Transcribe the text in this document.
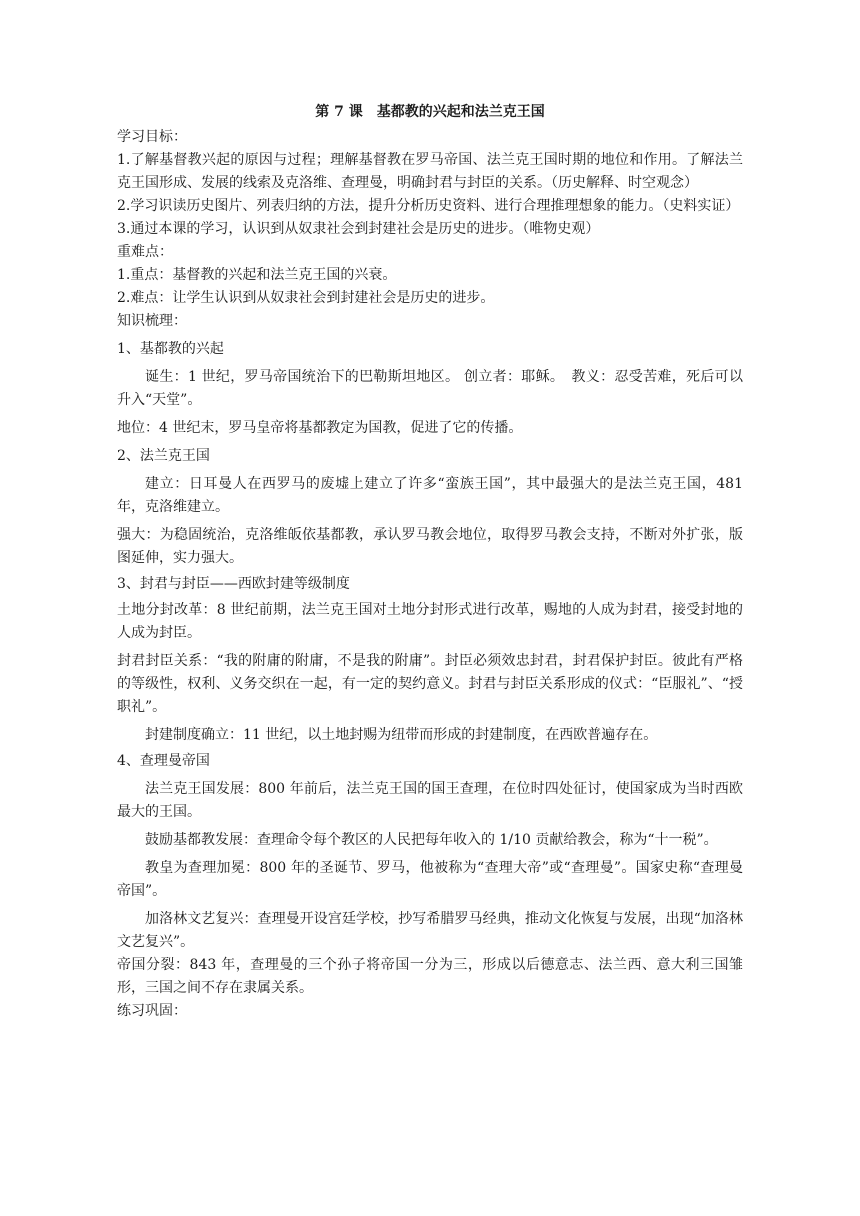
第 7 课　基都教的兴起和法兰克王国

学习目标：

1.了解基督教兴起的原因与过程；理解基督教在罗马帝国、法兰克王国时期的地位和作用。了解法兰克王国形成、发展的线索及克洛维、查理曼，明确封君与封臣的关系。（历史解释、时空观念）

2.学习识读历史图片、列表归纳的方法，提升分析历史资料、进行合理推理想象的能力。（史料实证）

3.通过本课的学习，认识到从奴隶社会到封建社会是历史的进步。（唯物史观）

重难点：

1.重点：基督教的兴起和法兰克王国的兴衰。

2.难点：让学生认识到从奴隶社会到封建社会是历史的进步。

知识梳理：

1、基都教的兴起

诞生：1 世纪，罗马帝国统治下的巴勒斯坦地区。 创立者：耶稣。　教义：忍受苦难，死后可以升入“天堂”。

地位：4 世纪末，罗马皇帝将基都教定为国教，促进了它的传播。

2、法兰克王国

建立：日耳曼人在西罗马的废墟上建立了许多“蛮族王国”，其中最强大的是法兰克王国，481 年，克洛维建立。

强大：为稳固统治，克洛维皈依基都教，承认罗马教会地位，取得罗马教会支持，不断对外扩张，版图延伸，实力强大。

3、封君与封臣——西欧封建等级制度

土地分封改革：8 世纪前期，法兰克王国对土地分封形式进行改革，赐地的人成为封君，接受封地的人成为封臣。

封君封臣关系：“我的附庸的附庸，不是我的附庸”。封臣必须效忠封君，封君保护封臣。彼此有严格的等级性，权利、义务交织在一起，有一定的契约意义。封君与封臣关系形成的仪式：“臣服礼”、“授职礼”。

封建制度确立：11 世纪，以土地封赐为纽带而形成的封建制度，在西欧普遍存在。

4、查理曼帝国

法兰克王国发展：800 年前后，法兰克王国的国王查理，在位时四处征讨，使国家成为当时西欧最大的王国。

鼓励基都教发展：查理命令每个教区的人民把每年收入的 1/10 贡献给教会，称为“十一税”。

教皇为查理加冕：800 年的圣诞节、罗马，他被称为“查理大帝”或“查理曼”。国家史称“查理曼帝国”。

加洛林文艺复兴：查理曼开设宫廷学校，抄写希腊罗马经典，推动文化恢复与发展，出现“加洛林文艺复兴”。

帝国分裂：843 年，查理曼的三个孙子将帝国一分为三，形成以后德意志、法兰西、意大利三国雏形，三国之间不存在隶属关系。

练习巩固：
